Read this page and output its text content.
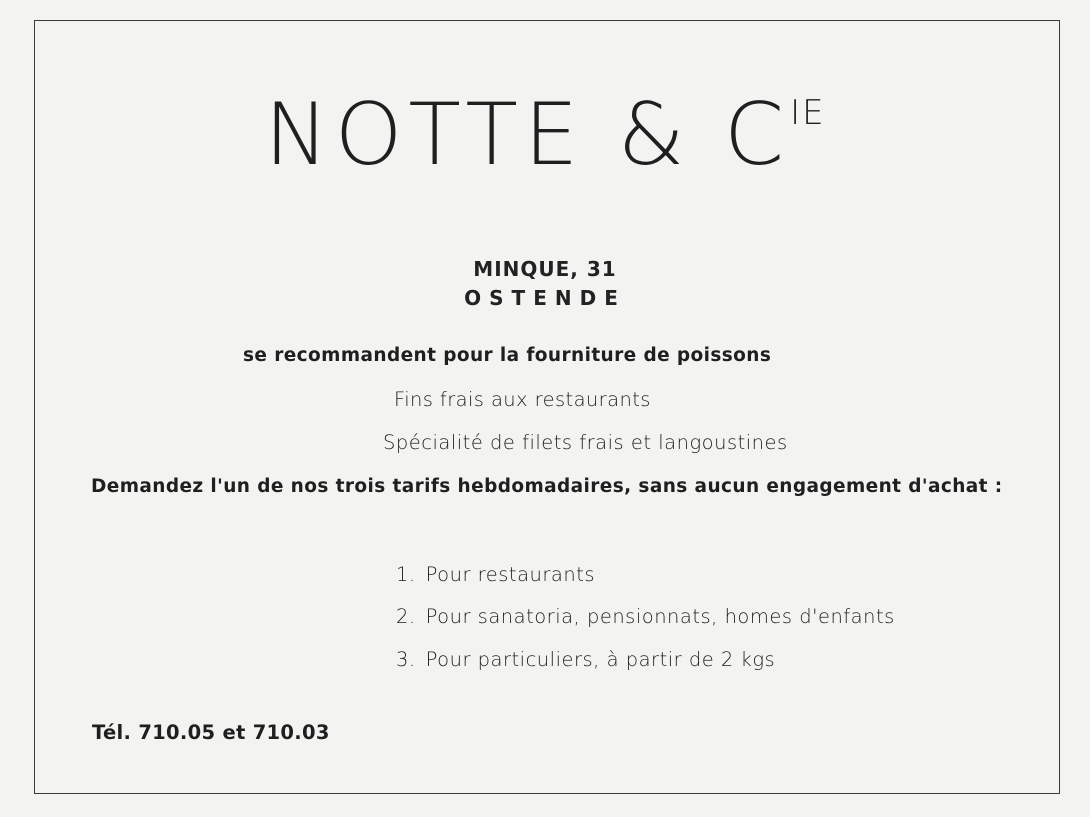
NOTTE & $C^{IE}$
MINQUE, 31
OSTENDE
se recommandent pour la fourniture de poissons
Fins frais aux restaurants
Spécialité de filets frais et langoustines
Demandez l'un de nos trois tarifs hebdomadaires, sans aucun engagement d'achat :
1. Pour restaurants
2. Pour sanatoria, pensionnats, homes d'enfants
3. Pour particuliers, à partir de 2 kgs
Tél. 710.05 et 710.03
